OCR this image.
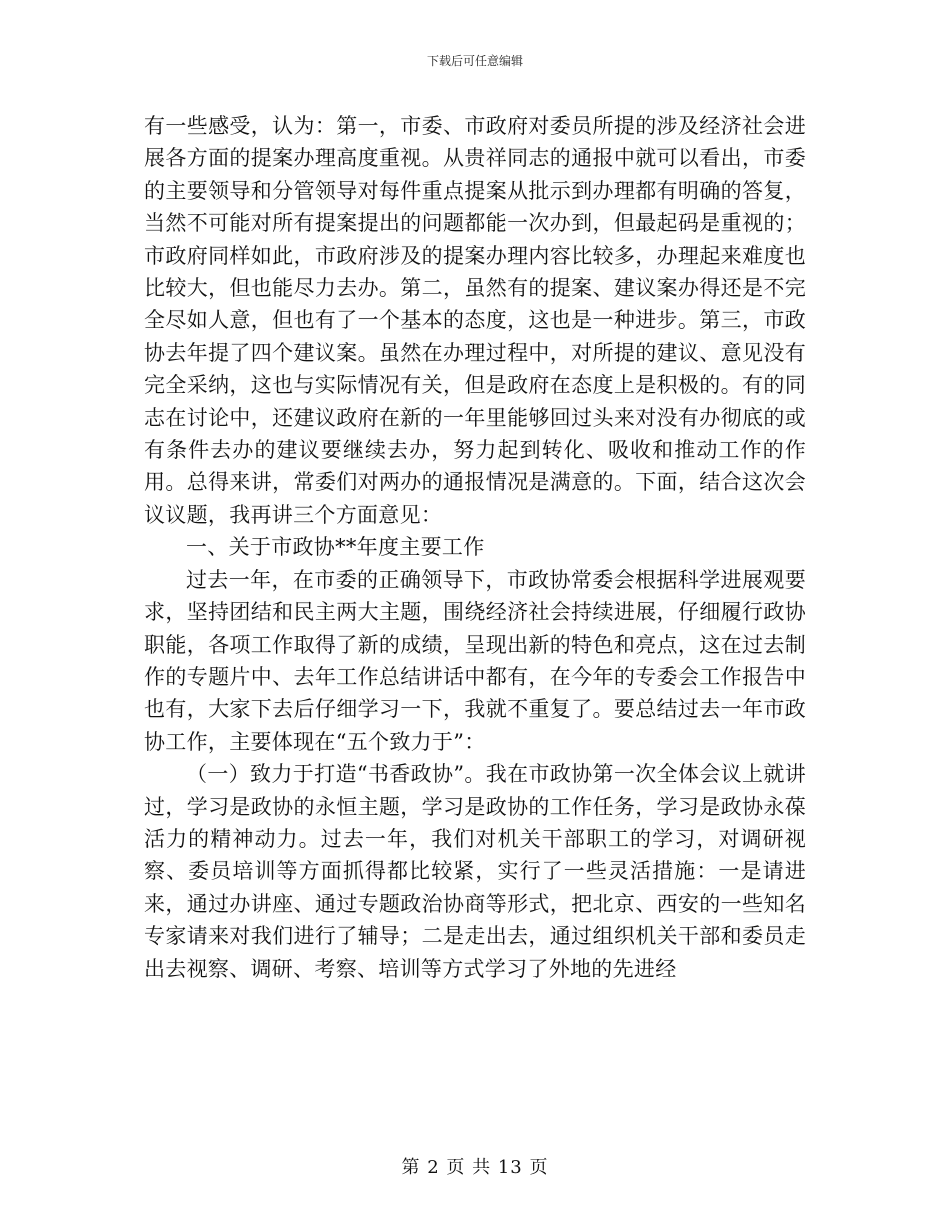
下载后可任意编辑

有一些感受，认为：第一，市委、市政府对委员所提的涉及经济社会进展各方面的提案办理高度重视。从贵祥同志的通报中就可以看出，市委的主要领导和分管领导对每件重点提案从批示到办理都有明确的答复，当然不可能对所有提案提出的问题都能一次办到，但最起码是重视的；市政府同样如此，市政府涉及的提案办理内容比较多，办理起来难度也比较大，但也能尽力去办。第二，虽然有的提案、建议案办得还是不完全尽如人意，但也有了一个基本的态度，这也是一种进步。第三，市政协去年提了四个建议案。虽然在办理过程中，对所提的建议、意见没有完全采纳，这也与实际情况有关，但是政府在态度上是积极的。有的同志在讨论中，还建议政府在新的一年里能够回过头来对没有办彻底的或有条件去办的建议要继续去办，努力起到转化、吸收和推动工作的作用。总得来讲，常委们对两办的通报情况是满意的。下面，结合这次会议议题，我再讲三个方面意见：

一、关于市政协**年度主要工作

过去一年，在市委的正确领导下，市政协常委会根据科学进展观要求，坚持团结和民主两大主题，围绕经济社会持续进展，仔细履行政协职能，各项工作取得了新的成绩，呈现出新的特色和亮点，这在过去制作的专题片中、去年工作总结讲话中都有，在今年的专委会工作报告中也有，大家下去后仔细学习一下，我就不重复了。要总结过去一年市政协工作，主要体现在“五个致力于”：

（一）致力于打造“书香政协”。我在市政协第一次全体会议上就讲过，学习是政协的永恒主题，学习是政协的工作任务，学习是政协永葆活力的精神动力。过去一年，我们对机关干部职工的学习，对调研视察、委员培训等方面抓得都比较紧，实行了一些灵活措施：一是请进来，通过办讲座、通过专题政治协商等形式，把北京、西安的一些知名专家请来对我们进行了辅导；二是走出去，通过组织机关干部和委员走出去视察、调研、考察、培训等方式学习了外地的先进经

第 2 页 共 13 页
